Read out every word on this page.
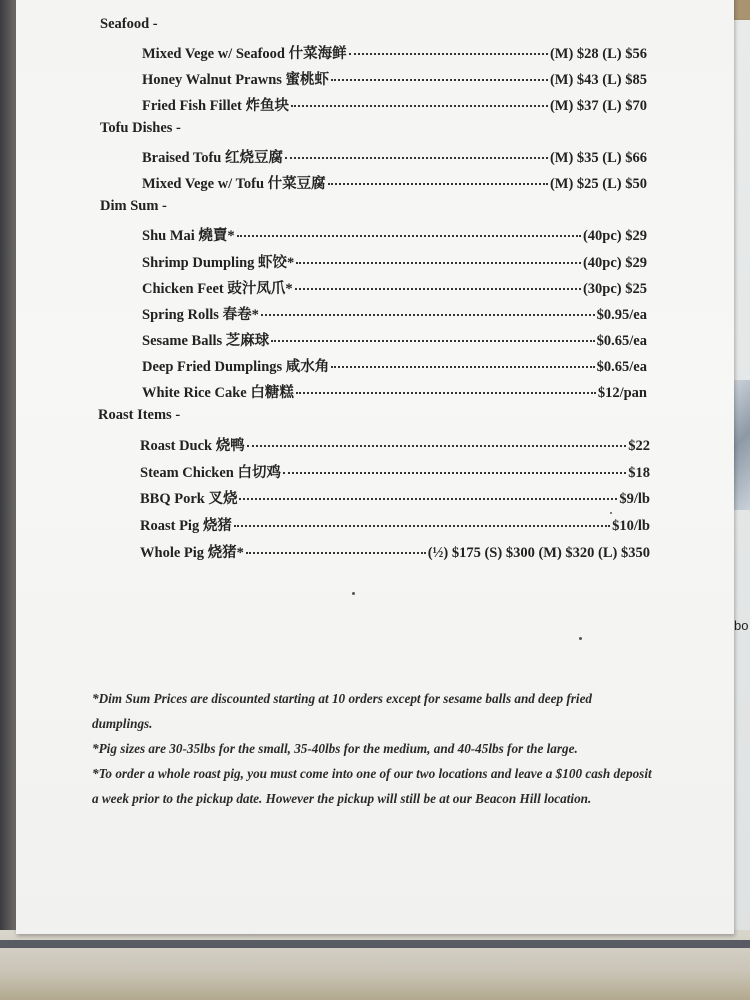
bo
Seafood -
Mixed Vege w/ Seafood 什菜海鲜	(M) $28 (L) $56
Honey Walnut Prawns 蜜桃虾	(M) $43 (L) $85
Fried Fish Fillet 炸鱼块	(M) $37 (L) $70
Tofu Dishes -
Braised Tofu 红烧豆腐	(M) $35 (L) $66
Mixed Vege w/ Tofu 什菜豆腐	(M) $25 (L) $50
Dim Sum -
Shu Mai 燒賣*	(40pc) $29
Shrimp Dumpling 虾饺*	(40pc) $29
Chicken Feet 豉汁凤爪*	(30pc) $25
Spring Rolls 春卷*	$0.95/ea
Sesame Balls 芝麻球	$0.65/ea
Deep Fried Dumplings 咸水角	$0.65/ea
White Rice Cake 白糖糕	$12/pan
Roast Items -
Roast Duck 烧鸭	$22
Steam Chicken 白切鸡	$18
BBQ Pork 叉烧	$9/lb
Roast Pig 烧猪	$10/lb
Whole Pig 烧猪*	(½) $175 (S) $300 (M) $320 (L) $350

*Dim Sum Prices are discounted starting at 10 orders except for sesame balls and deep fried dumplings.

*Pig sizes are 30-35lbs for the small, 35-40lbs for the medium, and 40-45lbs for the large.

*To order a whole roast pig, you must come into one of our two locations and leave a $100 cash deposit a week prior to the pickup date. However the pickup will still be at our Beacon Hill location.
